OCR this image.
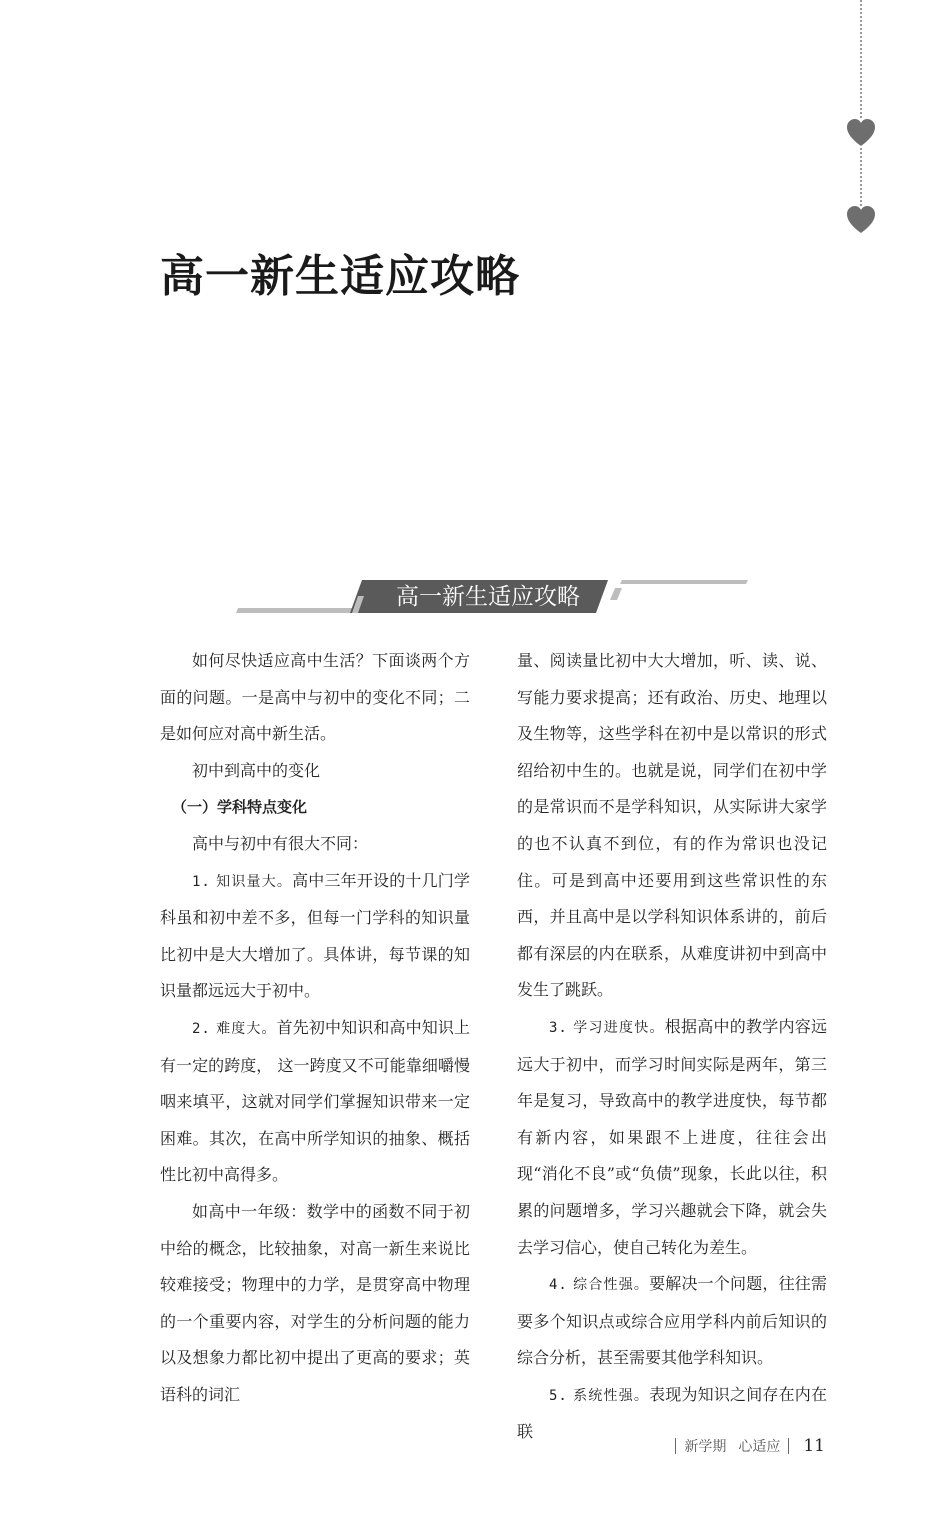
高一新生适应攻略
高一新生适应攻略（一）

如何尽快适应高中生活？下面谈两个方面的问题。一是高中与初中的变化不同；二是如何应对高中新生活。

初中到高中的变化

（一）学科特点变化

高中与初中有很大不同：

1. 知识量大。高中三年开设的十几门学科虽和初中差不多，但每一门学科的知识量比初中是大大增加了。具体讲，每节课的知识量都远远大于初中。

2. 难度大。首先初中知识和高中知识上有一定的跨度， 这一跨度又不可能靠细嚼慢咽来填平，这就对同学们掌握知识带来一定困难。其次，在高中所学知识的抽象、概括性比初中高得多。

如高中一年级：数学中的函数不同于初中给的概念，比较抽象，对高一新生来说比较难接受；物理中的力学，是贯穿高中物理的一个重要内容，对学生的分析问题的能力以及想象力都比初中提出了更高的要求；英语科的词汇

量、阅读量比初中大大增加，听、读、说、写能力要求提高；还有政治、历史、地理以及生物等，这些学科在初中是以常识的形式绍给初中生的。也就是说，同学们在初中学的是常识而不是学科知识，从实际讲大家学的也不认真不到位，有的作为常识也没记住。可是到高中还要用到这些常识性的东西，并且高中是以学科知识体系讲的，前后都有深层的内在联系，从难度讲初中到高中发生了跳跃。

3. 学习进度快。根据高中的教学内容远远大于初中，而学习时间实际是两年，第三年是复习，导致高中的教学进度快，每节都有新内容，如果跟不上进度，往往会出现“消化不良”或“负债”现象，长此以往，积累的问题增多，学习兴趣就会下降，就会失去学习信心，使自己转化为差生。

4. 综合性强。要解决一个问题，往往需要多个知识点或综合应用学科内前后知识的综合分析，甚至需要其他学科知识。

5. 系统性强。表现为知识之间存在内在联

新学期 心适应 11
